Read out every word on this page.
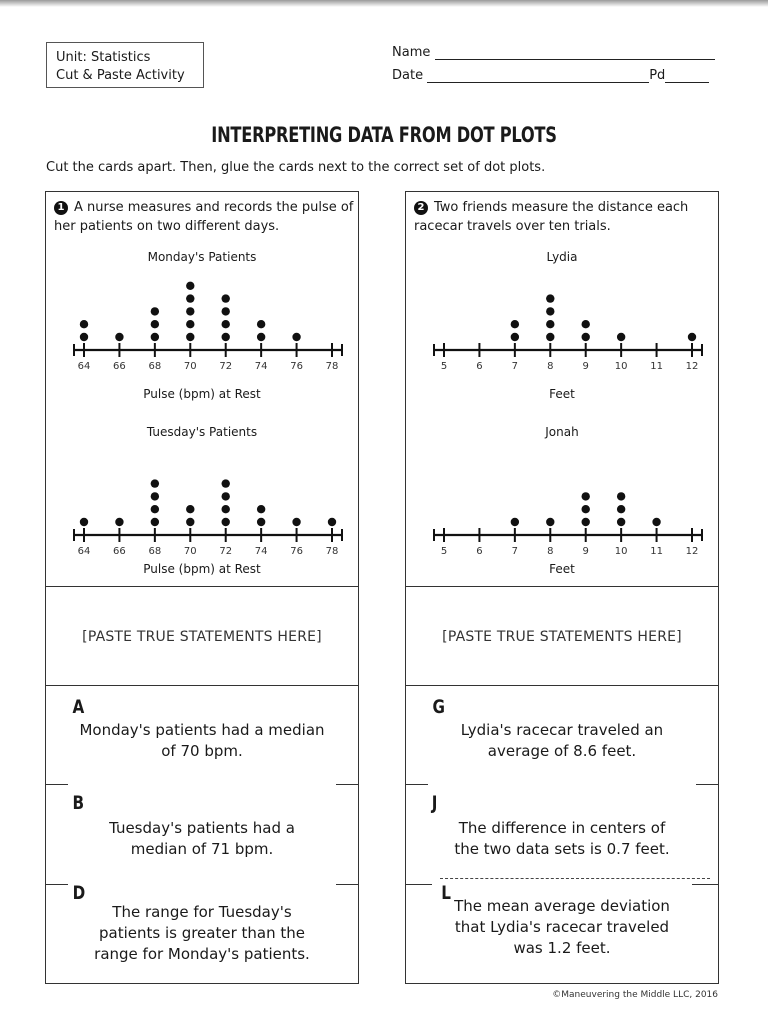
Unit: Statistics
Cut & Paste Activity
Name
Date	Pd
INTERPRETING DATA FROM DOT PLOTS
Cut the cards apart. Then, glue the cards next to the correct set of dot plots.
1 A nurse measures and records the pulse of her patients on two different days.
Monday's Patients
64 66 68 70 72 74 76 78
Pulse (bpm) at Rest
Tuesday's Patients
64 66 68 70 72 74 76 78
Pulse (bpm) at Rest
[PASTE TRUE STATEMENTS HERE]
A
Monday's patients had a median
of 70 bpm.
B
Tuesday's patients had a
median of 71 bpm.
D
The range for Tuesday's
patients is greater than the
range for Monday's patients.
2 Two friends measure the distance each racecar travels over ten trials.
Lydia
5	6	7	8	9	10 11 12
Feet
Jonah
5	6	7	8	9	10 11 12
Feet
[PASTE TRUE STATEMENTS HERE]
G
Lydia's racecar traveled an
average of 8.6 feet.
J
The difference in centers of
the two data sets is 0.7 feet.
L
The mean average deviation
that Lydia's racecar traveled
was 1.2 feet.
©Maneuvering the Middle LLC, 2016
